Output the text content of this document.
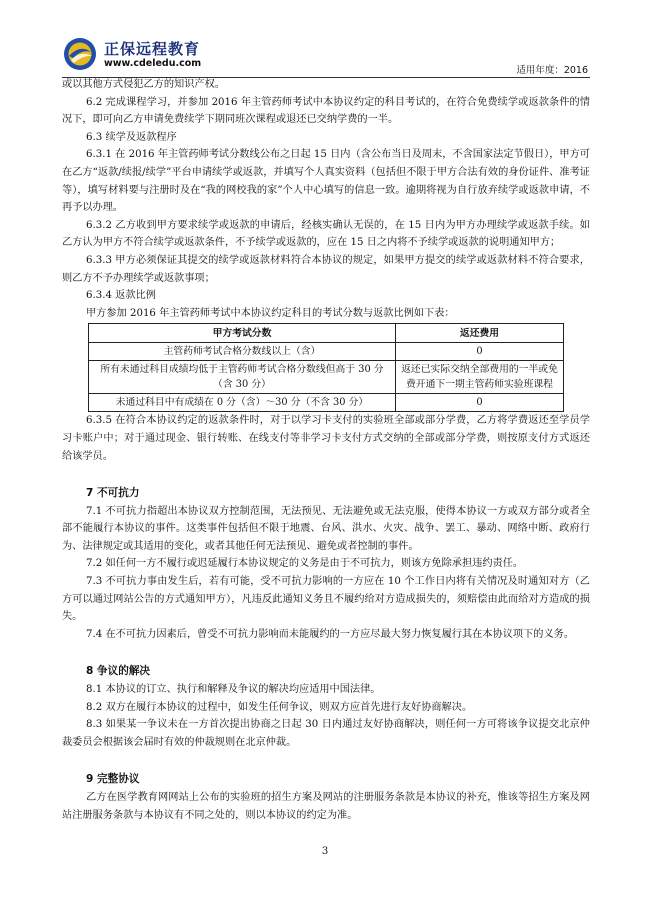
正保远程教育
www.cdeledu.com
适用年度：2016

或以其他方式侵犯乙方的知识产权。

6.2 完成课程学习，并参加 2016 年主管药师考试中本协议约定的科目考试的，在符合免费续学或返款条件的情况下，即可向乙方申请免费续学下期同班次课程或退还已交纳学费的一半。

6.3 续学及返款程序

6.3.1 在 2016 年主管药师考试分数线公布之日起 15 日内（含公布当日及周末，不含国家法定节假日），甲方可在乙方“返款/续报/续学”平台申请续学或返款，并填写个人真实资料（包括但不限于甲方合法有效的身份证件、准考证等），填写材料要与注册时及在“我的网校我的家”个人中心填写的信息一致。逾期将视为自行放弃续学或返款申请，不再予以办理。

6.3.2 乙方收到甲方要求续学或返款的申请后，经核实确认无误的，在 15 日内为甲方办理续学或返款手续。如乙方认为甲方不符合续学或返款条件，不予续学或返款的，应在 15 日之内将不予续学或返款的说明通知甲方；

6.3.3 甲方必须保证其提交的续学或返款材料符合本协议的规定，如果甲方提交的续学或返款材料不符合要求，则乙方不予办理续学或返款事项；

6.3.4 返款比例

甲方参加 2016 年主管药师考试中本协议约定科目的考试分数与返款比例如下表：

甲方考试分数	返还费用
主管药师考试合格分数线以上（含）	0
所有未通过科目成绩均低于主管药师考试合格分数线但高于 30 分（含 30 分）	返还已实际交纳全部费用的一半或免费开通下一期主管药师实验班课程
未通过科目中有成绩在 0 分（含）～30 分（不含 30 分）	0

6.3.5 在符合本协议约定的返款条件时，对于以学习卡支付的实验班全部或部分学费，乙方将学费返还至学员学习卡账户中；对于通过现金、银行转账、在线支付等非学习卡支付方式交纳的全部或部分学费，则按原支付方式返还给该学员。

7 不可抗力

7.1 不可抗力指超出本协议双方控制范围，无法预见、无法避免或无法克服，使得本协议一方或双方部分或者全部不能履行本协议的事件。这类事件包括但不限于地震、台风、洪水、火灾、战争、罢工、暴动、网络中断、政府行为、法律规定或其适用的变化，或者其他任何无法预见、避免或者控制的事件。

7.2 如任何一方不履行或迟延履行本协议规定的义务是由于不可抗力，则该方免除承担违约责任。

7.3 不可抗力事由发生后，若有可能，受不可抗力影响的一方应在 10 个工作日内将有关情况及时通知对方（乙方可以通过网站公告的方式通知甲方），凡违反此通知义务且不履约给对方造成损失的，须赔偿由此而给对方造成的损失。

7.4 在不可抗力因素后，曾受不可抗力影响而未能履约的一方应尽最大努力恢复履行其在本协议项下的义务。

8 争议的解决

8.1 本协议的订立、执行和解释及争议的解决均应适用中国法律。

8.2 双方在履行本协议的过程中，如发生任何争议，则双方应首先进行友好协商解决。

8.3 如果某一争议未在一方首次提出协商之日起 30 日内通过友好协商解决，则任何一方可将该争议提交北京仲裁委员会根据该会届时有效的仲裁规则在北京仲裁。

9 完整协议

乙方在医学教育网网站上公布的实验班的招生方案及网站的注册服务条款是本协议的补充，惟该等招生方案及网站注册服务条款与本协议有不同之处的，则以本协议的约定为准。

3
